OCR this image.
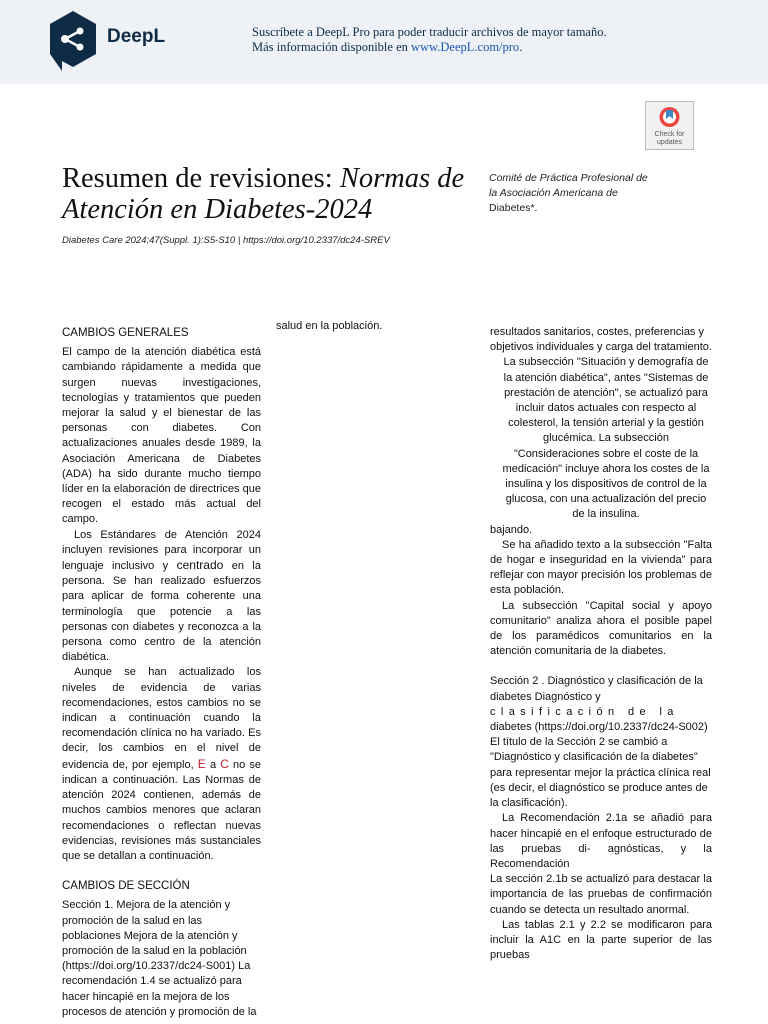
DeepL	Suscríbete a DeepL Pro para poder traducir archivos de mayor tamaño.
Más información disponible en www.DeepL.com/pro.
Check for
updates
Resumen de revisiones: Normas de
Atención en Diabetes-2024
Diabetes Care 2024;47(Suppl. 1):S5-S10 | https://doi.org/10.2337/dc24-SREV
Comité de Práctica Profesional de
la Asociación Americana de
Diabetes*.
CAMBIOS GENERALES

El campo de la atención diabética está cambiando rápidamente a medida que surgen nuevas investigaciones, tecnologías y tratamientos que pueden mejorar la salud y el bienestar de las personas con diabetes. Con actualizaciones anuales desde 1989, la Asociación Americana de Diabetes (ADA) ha sido durante mucho tiempo líder en la elaboración de directrices que recogen el estado más actual del campo.

Los Estándares de Atención 2024 incluyen revisiones para incorporar un lenguaje inclusivo y centrado en la persona. Se han realizado esfuerzos para aplicar de forma coherente una terminología que potencie a las personas con diabetes y reconozca a la persona como centro de la atención diabética.

Aunque se han actualizado los niveles de evidencia de varias recomendaciones, estos cambios no se indican a continuación cuando la recomendación clínica no ha variado. Es decir, los cambios en el nivel de evidencia de, por ejemplo, E a C no se indican a continuación. Las Normas de atención 2024 contienen, además de muchos cambios menores que aclaran recomendaciones o reflectan nuevas evidencias, revisiones más sustanciales que se detallan a continuación.

CAMBIOS DE SECCIÓN

Sección 1. Mejora de la atención y promoción de la salud en las poblaciones Mejora de la atención y promoción de la salud en la población (https://doi.org/10.2337/dc24-S001) La recomendación 1.4 se actualizó para hacer hincapié en la mejora de los procesos de atención y promoción de la

salud en la población.	resultados sanitarios, costes, preferencias y objetivos individuales y carga del tratamiento.

La subsección "Situación y demografía de la atención diabética", antes "Sistemas de prestación de atención", se actualizó para incluir datos actuales con respecto al colesterol, la tensión arterial y la gestión glucémica. La subsección "Consideraciones sobre el coste de la medicación" incluye ahora los costes de la insulina y los dispositivos de control de la glucosa, con una actualización del precio de la insulina.

bajando.

Se ha añadido texto a la subsección "Falta de hogar e inseguridad en la vivienda" para reflejar con mayor precisión los problemas de esta población.

La subsección "Capital social y apoyo comunitario" analiza ahora el posible papel de los paramédicos comunitarios en la atención comunitaria de la diabetes.

Sección 2 . Diagnóstico y clasificación de la diabetes Diagnóstico y
clasificación de la
diabetes (https://doi.org/10.2337/dc24-S002) El título de la Sección 2 se cambió a "Diagnóstico y clasificación de la diabetes" para representar mejor la práctica clínica real (es decir, el diagnóstico se produce antes de la clasificación).

La Recomendación 2.1a se añadió para hacer hincapié en el enfoque estructurado de las pruebas di- agnósticas, y la Recomendación

La sección 2.1b se actualizó para destacar la importancia de las pruebas de confirmación cuando se detecta un resultado anormal.

Las tablas 2.1 y 2.2 se modificaron para incluir la A1C en la parte superior de las pruebas
